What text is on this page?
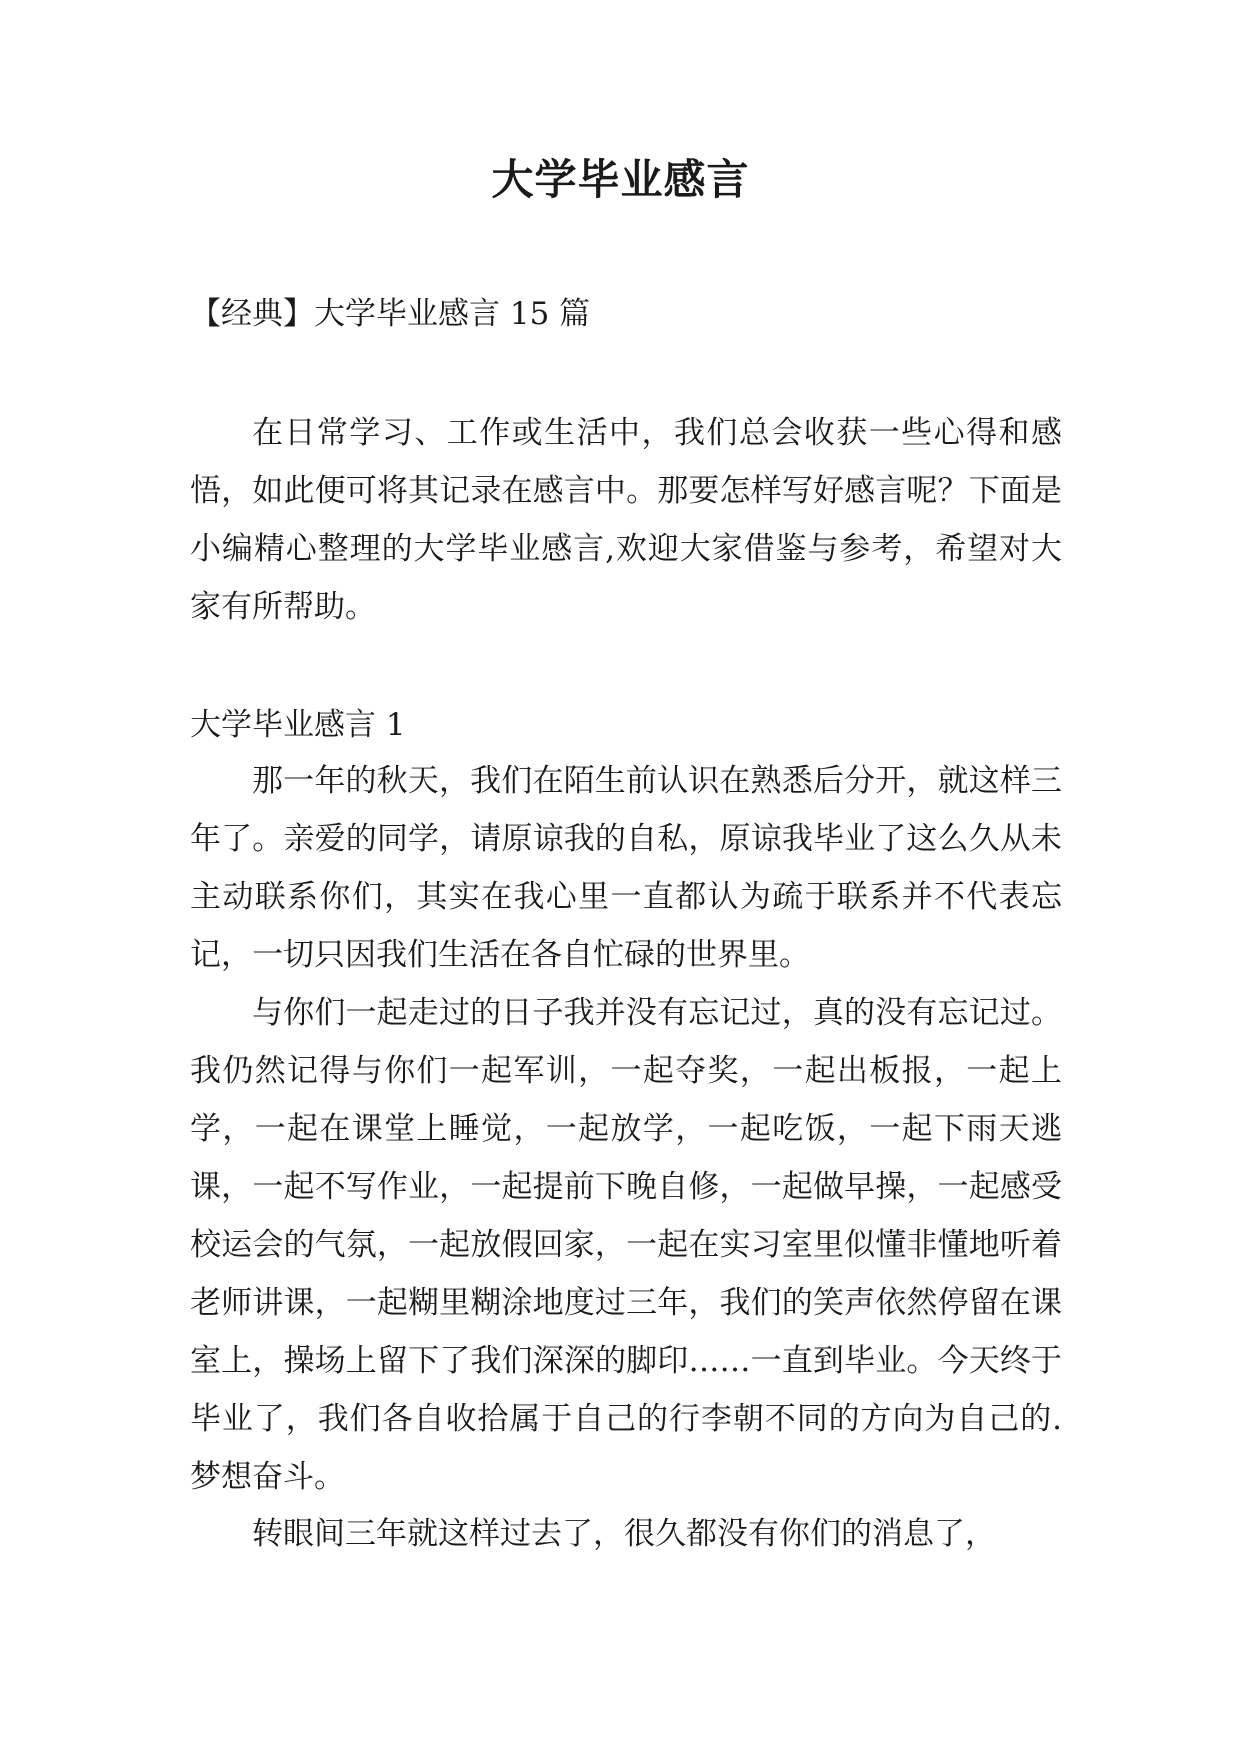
大学毕业感言

【经典】大学毕业感言 15 篇

在日常学习、工作或生活中，我们总会收获一些心得和感悟，如此便可将其记录在感言中。那要怎样写好感言呢？下面是小编精心整理的大学毕业感言,欢迎大家借鉴与参考，希望对大家有所帮助。

大学毕业感言 1

那一年的秋天，我们在陌生前认识在熟悉后分开，就这样三年了。亲爱的同学，请原谅我的自私，原谅我毕业了这么久从未主动联系你们，其实在我心里一直都认为疏于联系并不代表忘记，一切只因我们生活在各自忙碌的世界里。

与你们一起走过的日子我并没有忘记过，真的没有忘记过。我仍然记得与你们一起军训，一起夺奖，一起出板报，一起上学，一起在课堂上睡觉，一起放学，一起吃饭，一起下雨天逃课，一起不写作业，一起提前下晚自修，一起做早操，一起感受校运会的气氛，一起放假回家，一起在实习室里似懂非懂地听着老师讲课，一起糊里糊涂地度过三年，我们的笑声依然停留在课室上，操场上留下了我们深深的脚印……一直到毕业。今天终于毕业了，我们各自收拾属于自己的行李朝不同的方向为自己的.梦想奋斗。

转眼间三年就这样过去了，很久都没有你们的消息了，
